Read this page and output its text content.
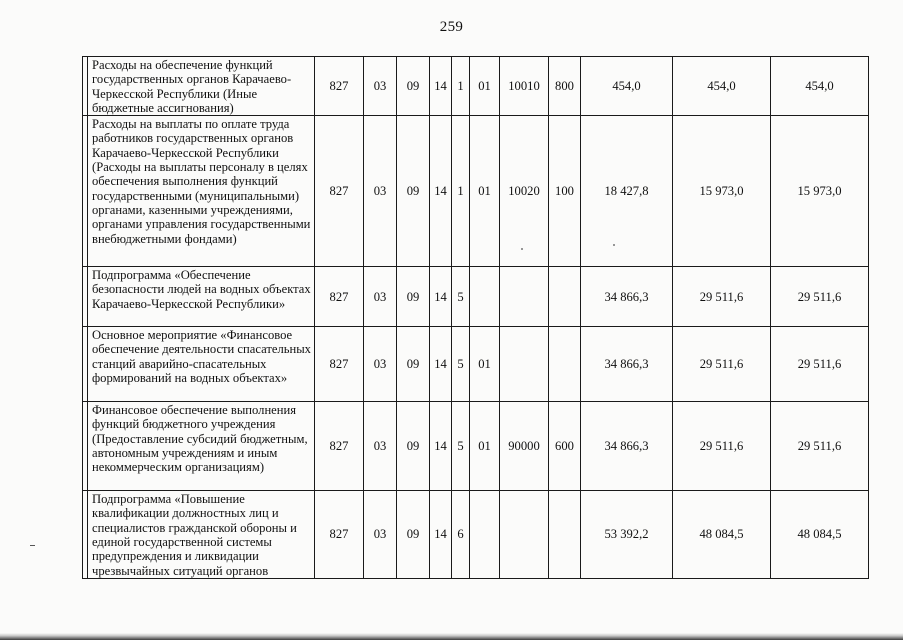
259
	Расходы на обеспечение функций государственных органов Карачаево-Черкесской Республики (Иные бюджетные ассигнования)	827	03	09	14	1	01	10010	800	454,0	454,0	454,0
	Расходы на выплаты по оплате труда работников государственных органов Карачаево-Черкесской Республики (Расходы на выплаты персоналу в целях обеспечения выполнения функций государственными (муниципальными) органами, казенными учреждениями, органами управления государственными внебюджетными фондами)	827	03	09	14	1	01	10020	100	18 427,8	15 973,0	15 973,0
	Подпрограмма «Обеспечение безопасности людей на водных объектах Карачаево-Черкесской Республики»	827	03	09	14	5				34 866,3	29 511,6	29 511,6
	Основное мероприятие «Финансовое обеспечение деятельности спасательных станций аварийно-спасательных формирований на водных объектах»	827	03	09	14	5	01			34 866,3	29 511,6	29 511,6
	Финансовое обеспечение выполнения функций бюджетного учреждения (Предоставление субсидий бюджетным, автономным учреждениям и иным некоммерческим организациям)	827	03	09	14	5	01	90000	600	34 866,3	29 511,6	29 511,6
	Подпрограмма «Повышение квалификации должностных лиц и специалистов гражданской обороны и единой государственной системы предупреждения и ликвидации чрезвычайных ситуаций органов	827	03	09	14	6				53 392,2	48 084,5	48 084,5
